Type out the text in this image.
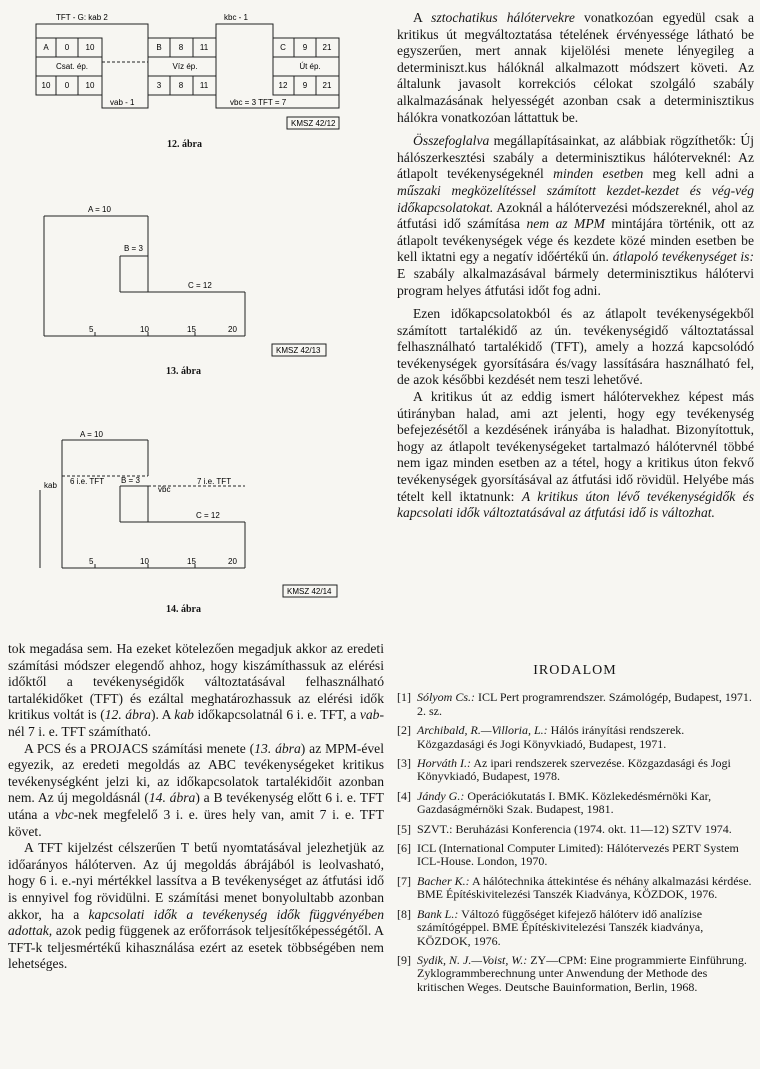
TFT - G: kab 2	kbc - 1
vab - 1	vbc = 3 TFT = 7
KMSZ 42/12
A 0 10
Csat. ép.
10 0 10
B 8 11
Víz ép.
3 8 11
C 9 21
Út ép.
12 9 21
12. ábra
A = 10
B = 3
C = 12
5	10	15	20
KMSZ 42/13
13. ábra
A = 10
kab 6 i.e. TFT B = 3
vbc
7 i.e. TFT
C = 12
5	10	15	20
KMSZ 42/14
14. ábra

A sztochatikus hálótervekre vonatkozóan egyedül csak a kritikus út megváltoztatása tételének érvényessége látható be egyszerűen, mert annak kijelölési menete lényegileg a determiniszt.kus hálóknál alkalmazott módszert követi. Az általunk javasolt korrekciós célokat szolgáló szabály alkalmazásának helyességét azonban csak a determinisztikus hálókra vonatkozóan láttattuk be.

Összefoglalva megállapításainkat, az alábbiak rögzíthetők: Új hálószerkesztési szabály a determinisztikus hálóterveknél: Az átlapolt tevékenységeknél minden esetben meg kell adni a műszaki megközelítéssel számított kezdet-kezdet és vég-vég időkapcsolatokat. Azoknál a hálótervezési módszereknél, ahol az átfutási idő számítása nem az MPM mintájára történik, ott az átlapolt tevékenységek vége és kezdete közé minden esetben be kell iktatni egy a negatív időértékű ún. átlapoló tevékenységet is: E szabály alkalmazásával bármely determinisztikus hálótervi program helyes átfutási időt fog adni.

Ezen időkapcsolatokból és az átlapolt tevékenységekből számított tartalékidő az ún. tevékenységidő változtatással felhasználható tartalékidő (TFT), amely a hozzá kapcsolódó tevékenységek gyorsítására és/vagy lassítására használható fel, de azok későbbi kezdését nem teszi lehetővé.

A kritikus út az eddig ismert hálótervekhez képest más útirányban halad, ami azt jelenti, hogy egy tevékenység befejezésétől a kezdésének irányába is haladhat. Bizonyítottuk, hogy az átlapolt tevékenységeket tartalmazó hálótervnél többé nem igaz minden esetben az a tétel, hogy a kritikus úton fekvő tevékenységek gyorsításával az átfutási idő rövidül. Helyébe más tételt kell iktatnunk: A kritikus úton lévő tevékenységidők és kapcsolati idők változtatásával az átfutási idő is változhat.

tok megadása sem. Ha ezeket kötelezően megadjuk akkor az eredeti számítási módszer elegendő ahhoz, hogy kiszámíthassuk az elérési időktől a tevékenységidők változtatásával felhasználható tartalékidőket (TFT) és ezáltal meghatározhassuk az elérési idők kritikus voltát is (12. ábra). A kab időkapcsolatnál 6 i. e. TFT, a vab-nél 7 i. e. TFT számítható.

A PCS és a PROJACS számítási menete (13. ábra) az MPM-ével egyezik, az eredeti megoldás az ABC tevékenységeket kritikus tevékenységként jelzi ki, az időkapcsolatok tartalékidőit azonban nem. Az új megoldásnál (14. ábra) a B tevékenység előtt 6 i. e. TFT utána a vbc-nek megfelelő 3 i. e. üres hely van, amit 7 i. e. TFT követ.

A TFT kijelzést célszerűen T betű nyomtatásával jelezhetjük az időarányos hálóterven. Az új megoldás ábrájából is leolvasható, hogy 6 i. e.-nyi mértékkel lassítva a B tevékenységet az átfutási idő is ennyivel fog rövidülni. E számítási menet bonyolultabb azonban akkor, ha a kapcsolati idők a tevékenység idők függvényében adottak, azok pedig függenek az erőforrások teljesítőképességétől. A TFT-k teljesmértékű kihasználása ezért az esetek többségében nem lehetséges.

IRODALOM
[1] Sólyom Cs.: ICL Pert programrendszer. Számológép, Budapest, 1971. 2. sz.
[2] Archibald, R.—Villoria, L.: Hálós irányítási rendszerek. Közgazdasági és Jogi Könyvkiadó, Budapest, 1971.
[3] Horváth I.: Az ipari rendszerek szervezése. Közgazdasági és Jogi Könyvkiadó, Budapest, 1978.
[4] Jándy G.: Operációkutatás I. BMK. Közlekedésmérnöki Kar, Gazdaságmérnöki Szak. Budapest, 1981.
[5] SZVT.: Beruházási Konferencia (1974. okt. 11—12) SZTV 1974.
[6] ICL (International Computer Limited): Hálótervezés PERT System ICL-House. London, 1970.
[7] Bacher K.: A hálótechnika áttekintése és néhány alkalmazási kérdése. BME Építéskivitelezési Tanszék Kiadványa, KÖZDOK, 1976.
[8] Bank L.: Változó függőséget kifejező hálóterv idő analízise számítógéppel. BME Építéskivitelezési Tanszék kiadványa, KÖZDOK, 1976.
[9] Sydik, N. J.—Voist, W.: ZY—CPM: Eine programmierte Einführung. Zyklogrammberechnung unter Anwendung der Methode des kritischen Weges. Deutsche Bauinformation, Berlin, 1968.
